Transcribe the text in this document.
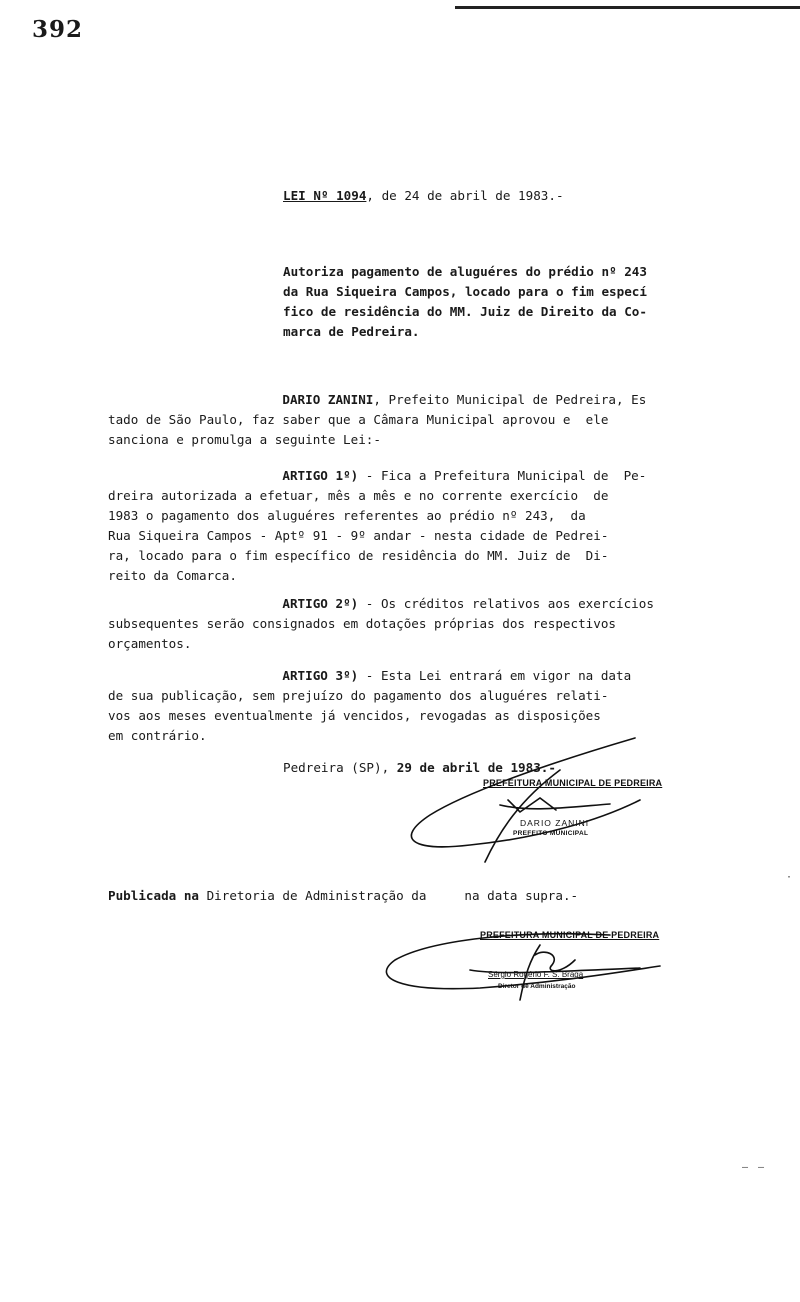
392
LEI Nº 1094, de 24 de abril de 1983.-
Autoriza pagamento de aluguéres do prédio nº 243
da Rua Siqueira Campos, locado para o fim especí
fico de residência do MM. Juiz de Direito da Co-
marca de Pedreira.
DARIO ZANINI, Prefeito Municipal de Pedreira, Es
tado de São Paulo, faz saber que a Câmara Municipal aprovou e  ele
sanciona e promulga a seguinte Lei:-
ARTIGO 1º) - Fica a Prefeitura Municipal de  Pe-
dreira autorizada a efetuar, mês a mês e no corrente exercício  de
1983 o pagamento dos aluguéres referentes ao prédio nº 243,  da
Rua Siqueira Campos - Aptº 91 - 9º andar - nesta cidade de Pedrei-
ra, locado para o fim específico de residência do MM. Juiz de  Di-
reito da Comarca.
ARTIGO 2º) - Os créditos relativos aos exercícios
subsequentes serão consignados em dotações próprias dos respectivos
orçamentos.
ARTIGO 3º) - Esta Lei entrará em vigor na data
de sua publicação, sem prejuízo do pagamento dos aluguéres relati-
vos aos meses eventualmente já vencidos, revogadas as disposições
em contrário.
Pedreira (SP), 29 de abril de 1983.-
PREFEITURA MUNICIPAL DE PEDREIRA
DARIO ZANINI
PREFEITO MUNICIPAL
Publicada na Diretoria de Administração da     na data supra.-
PREFEITURA MUNICIPAL DE PEDREIRA
Sérgio Rogério F. S. Braga
Diretor de Administração
·
— —
